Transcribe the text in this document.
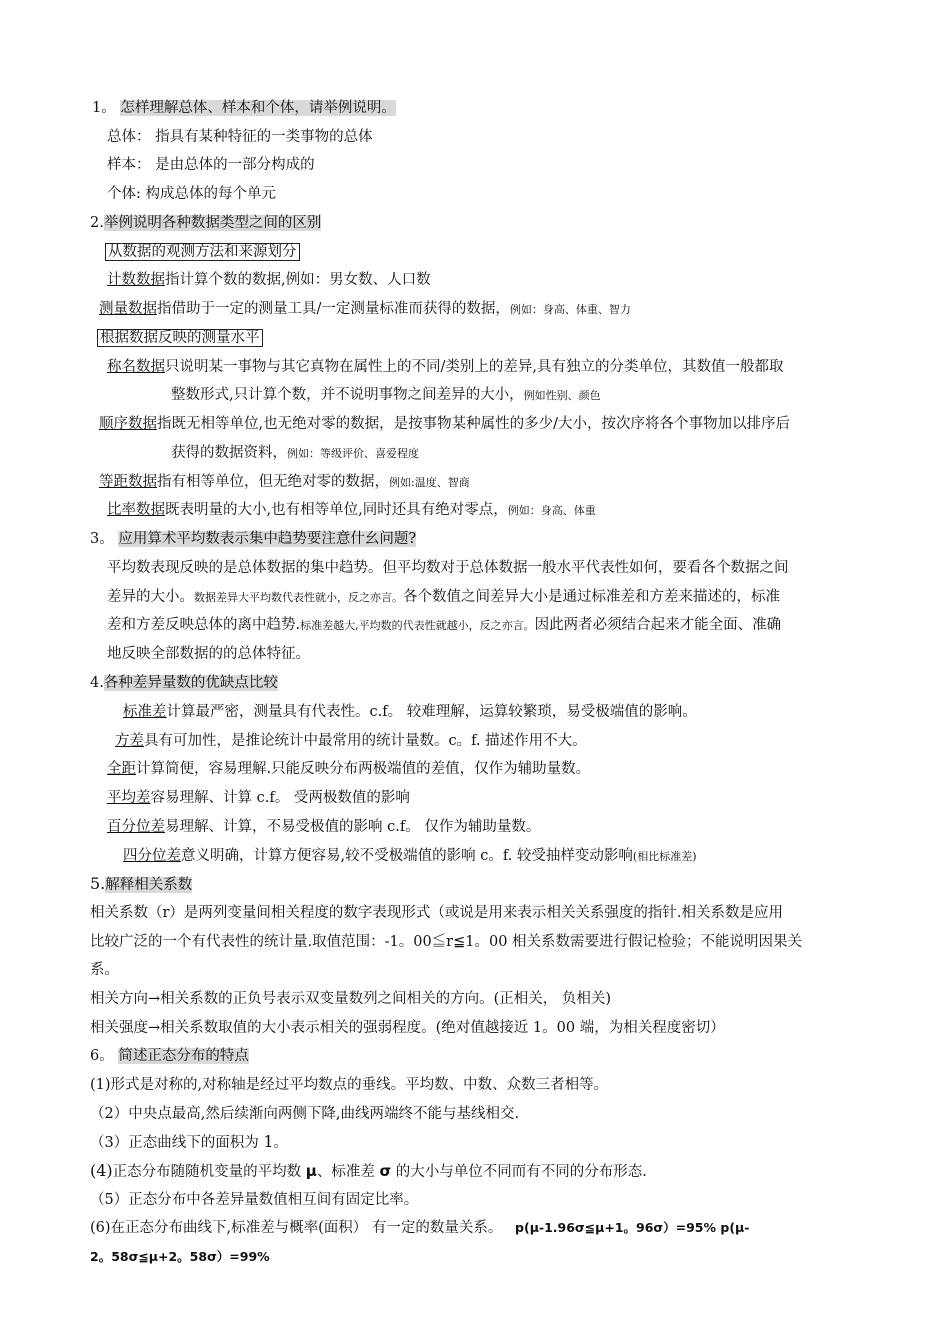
1。 怎样理解总体、样本和个体，请举例说明。
总体： 指具有某种特征的一类事物的总体
样本： 是由总体的一部分构成的
个体: 构成总体的每个单元
2.举例说明各种数据类型之间的区别
从数据的观测方法和来源划分
计数数据指计算个数的数据,例如：男女数、人口数
测量数据指借助于一定的测量工具/一定测量标准而获得的数据，例如：身高、体重、智力
根据数据反映的测量水平
称名数据只说明某一事物与其它真物在属性上的不同/类别上的差异,具有独立的分类单位，其数值一般都取
整数形式,只计算个数，并不说明事物之间差异的大小，例如性别、颜色
顺序数据指既无相等单位,也无绝对零的数据，是按事物某种属性的多少/大小，按次序将各个事物加以排序后
获得的数据资料，例如：等级评价、喜爱程度
等距数据指有相等单位，但无绝对零的数据，例如:温度、智商
比率数据既表明量的大小,也有相等单位,同时还具有绝对零点，例如：身高、体重
3。 应用算术平均数表示集中趋势要注意什幺问题?
平均数表现反映的是总体数据的集中趋势。但平均数对于总体数据一般水平代表性如何，要看各个数据之间
差异的大小。数据差异大平均数代表性就小，反之亦言。各个数值之间差异大小是通过标准差和方差来描述的，标准
差和方差反映总体的离中趋势.标准差越大,平均数的代表性就越小，反之亦言。因此两者必须结合起来才能全面、准确
地反映全部数据的的总体特征。
4.各种差异量数的优缺点比较
标准差计算最严密，测量具有代表性。c.f。 较难理解，运算较繁琐，易受极端值的影响。
方差具有可加性，是推论统计中最常用的统计量数。c。f. 描述作用不大。
全距计算简便，容易理解.只能反映分布两极端值的差值，仅作为辅助量数。
平均差容易理解、计算 c.f。 受两极数值的影响
百分位差易理解、计算，不易受极值的影响 c.f。 仅作为辅助量数。
四分位差意义明确，计算方便容易,较不受极端值的影响 c。f. 较受抽样变动影响(相比标准差)
5.解释相关系数
相关系数（r）是两列变量间相关程度的数字表现形式（或说是用来表示相关关系强度的指针.相关系数是应用
比较广泛的一个有代表性的统计量.取值范围：-1。00≦r≦1。00 相关系数需要进行假记检验；不能说明因果关
系。
相关方向→相关系数的正负号表示双变量数列之间相关的方向。(正相关， 负相关)
相关强度→相关系数取值的大小表示相关的强弱程度。(绝对值越接近 1。00 端，为相关程度密切）
6。 简述正态分布的特点
(1)形式是对称的,对称轴是经过平均数点的垂线。平均数、中数、众数三者相等。
（2）中央点最高,然后续渐向两侧下降,曲线两端终不能与基线相交.
（3）正态曲线下的面积为 1。
(4)正态分布随随机变量的平均数 μ、标准差 σ 的大小与单位不同而有不同的分布形态.
（5）正态分布中各差异量数值相互间有固定比率。
(6)在正态分布曲线下,标准差与概率(面积） 有一定的数量关系。 p(μ-1.96σ≦μ+1。96σ）=95% p(μ-
2。58σ≦μ+2。58σ）=99%
